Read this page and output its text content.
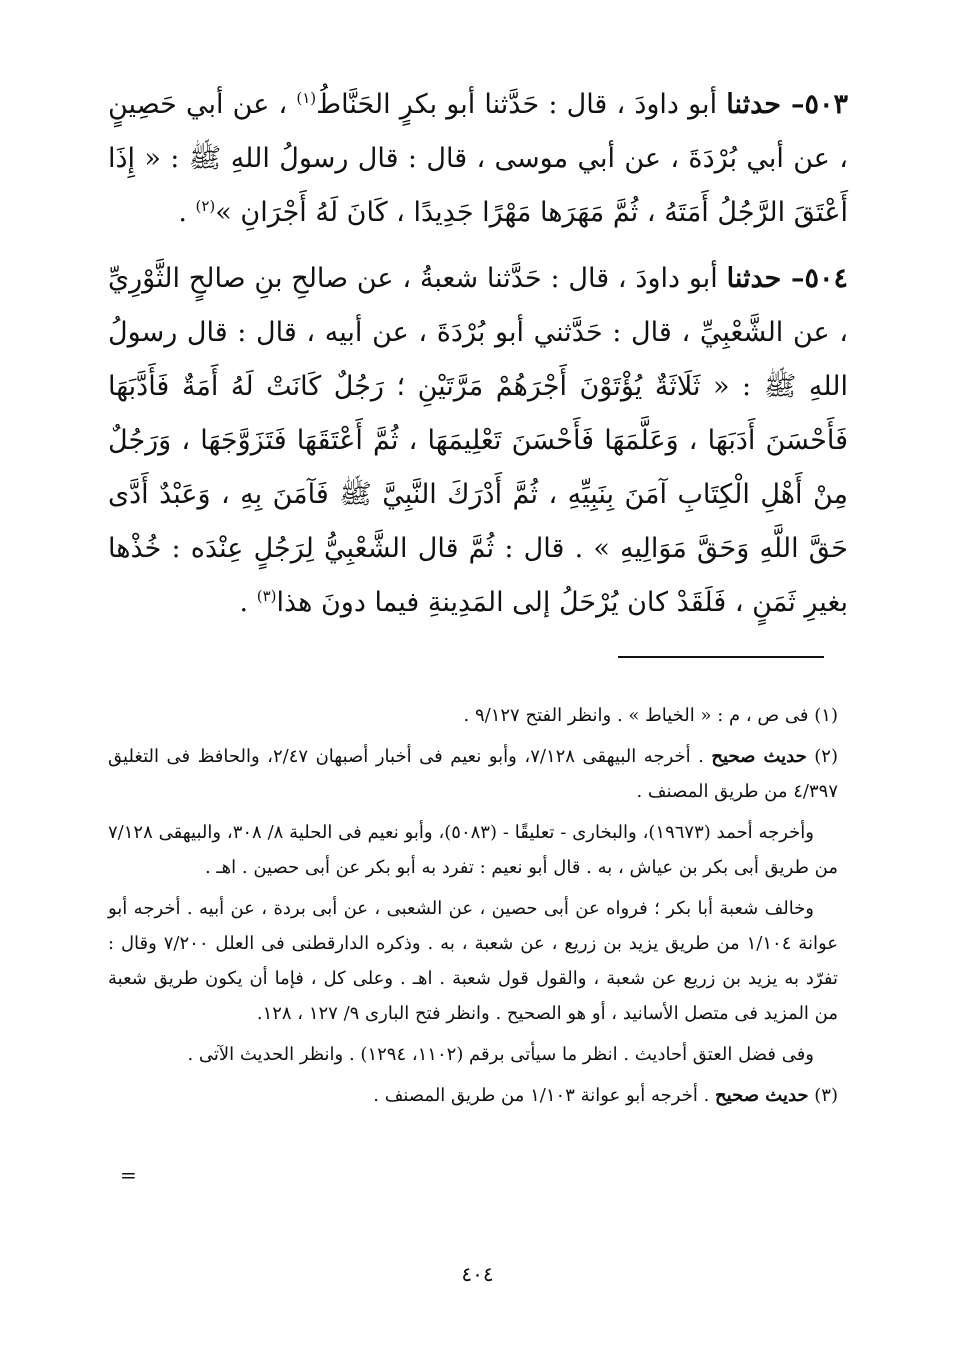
٥٠٣– حدثنا أبو داودَ ، قال : حَدَّثنا أبو بكرٍ الحَنَّاطُ$^{(١)}$ ، عن أبي حَصِينٍ ، عن أبي بُرْدَةَ ، عن أبي موسى ، قال : قال رسولُ اللهِ ﷺ : « إِذَا أَعْتَقَ الرَّجُلُ أَمَتَهُ ، ثُمَّ مَهَرَها مَهْرًا جَدِيدًا ، كَانَ لَهُ أَجْرَانِ »$^{(٢)}$ .

٥٠٤– حدثنا أبو داودَ ، قال : حَدَّثنا شعبةُ ، عن صالحِ بنِ صالحٍ الثَّوْرِيِّ ، عن الشَّعْبِيِّ ، قال : حَدَّثني أبو بُرْدَةَ ، عن أبيه ، قال : قال رسولُ اللهِ ﷺ : « ثَلَاثَةٌ يُؤْتَوْنَ أَجْرَهُمْ مَرَّتَيْنِ ؛ رَجُلٌ كَانَتْ لَهُ أَمَةٌ فَأَدَّبَهَا فَأَحْسَنَ أَدَبَهَا ، وَعَلَّمَهَا فَأَحْسَنَ تَعْلِيمَهَا ، ثُمَّ أَعْتَقَهَا فَتَزَوَّجَهَا ، وَرَجُلٌ مِنْ أَهْلِ الْكِتَابِ آمَنَ بِنَبِيِّهِ ، ثُمَّ أَدْرَكَ النَّبِيَّ ﷺ فَآمَنَ بِهِ ، وَعَبْدٌ أَدَّى حَقَّ اللَّهِ وَحَقَّ مَوَالِيهِ » . قال : ثُمَّ قال الشَّعْبِيُّ لِرَجُلٍ عِنْدَه : خُذْها بغيرِ ثَمَنٍ ، فَلَقَدْ كان يُرْحَلُ إلى المَدِينةِ فيما دونَ هذا$^{(٣)}$ .

(١) فى ص ، م : « الخياط » . وانظر الفتح ٩/١٢٧ .

(٢) حديث صحيح . أخرجه البيهقى ٧/١٢٨، وأبو نعيم فى أخبار أصبهان ٢/٤٧، والحافظ فى التغليق ٤/٣٩٧ من طريق المصنف .

وأخرجه أحمد (١٩٦٧٣)، والبخارى - تعليقًا - (٥٠٨٣)، وأبو نعيم فى الحلية ٨/ ٣٠٨، والبيهقى ٧/١٢٨ من طريق أبى بكر بن عياش ، به . قال أبو نعيم : تفرد به أبو بكر عن أبى حصين . اهـ .

وخالف شعبة أبا بكر ؛ فرواه عن أبى حصين ، عن الشعبى ، عن أبى بردة ، عن أبيه . أخرجه أبو عوانة ١/١٠٤ من طريق يزيد بن زريع ، عن شعبة ، به . وذكره الدارقطنى فى العلل ٧/٢٠٠ وقال : تفرّد به يزيد بن زريع عن شعبة ، والقول قول شعبة . اهـ . وعلى كل ، فإما أن يكون طريق شعبة من المزيد فى متصل الأسانيد ، أو هو الصحيح . وانظر فتح البارى ٩/ ١٢٧ ، ١٢٨.

وفى فضل العتق أحاديث . انظر ما سيأتى برقم (١١٠٢، ١٢٩٤) . وانظر الحديث الآتى .

(٣) حديث صحيح . أخرجه أبو عوانة ١/١٠٣ من طريق المصنف .

=
٤٠٤
